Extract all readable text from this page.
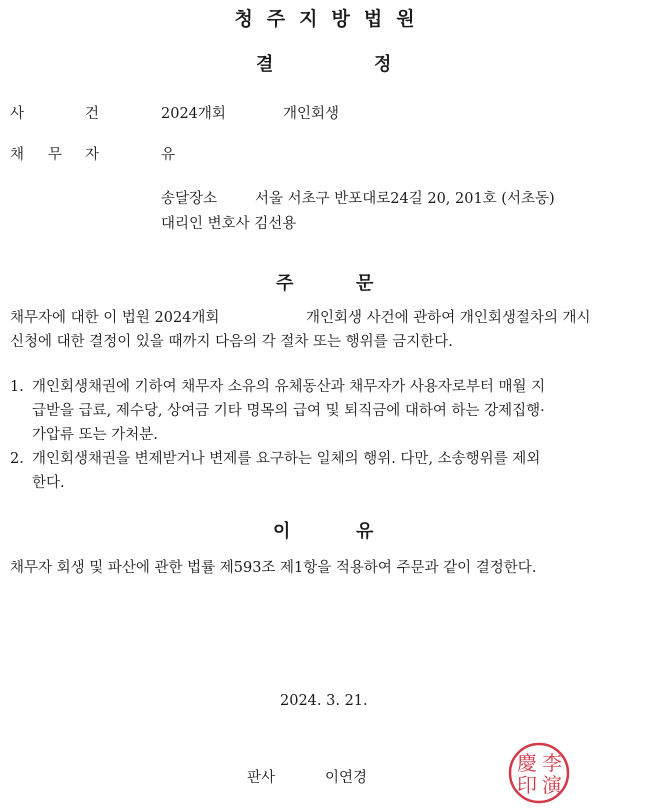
청주지방법원
결	정
사	건	2024개회	개인회생
채 무 자	유
송달장소	서울 서초구 반포대로24길 20, 201호 (서초동)
대리인 변호사 김선용
주	문
채무자에 대한 이 법원 2024개회	개인회생 사건에 관하여 개인회생절차의 개시
신청에 대한 결정이 있을 때까지 다음의 각 절차 또는 행위를 금지한다.
1. 개인회생채권에 기하여 채무자 소유의 유체동산과 채무자가 사용자로부터 매월 지
급받을 급료, 제수당, 상여금 기타 명목의 급여 및 퇴직금에 대하여 하는 강제집행·
가압류 또는 가처분.
2. 개인회생채권을 변제받거나 변제를 요구하는 일체의 행위. 다만, 소송행위를 제외
한다.
이	유
채무자 회생 및 파산에 관한 법률 제593조 제1항을 적용하여 주문과 같이 결정한다.
2024. 3. 21.
판사	이연경
李
演
慶
印
